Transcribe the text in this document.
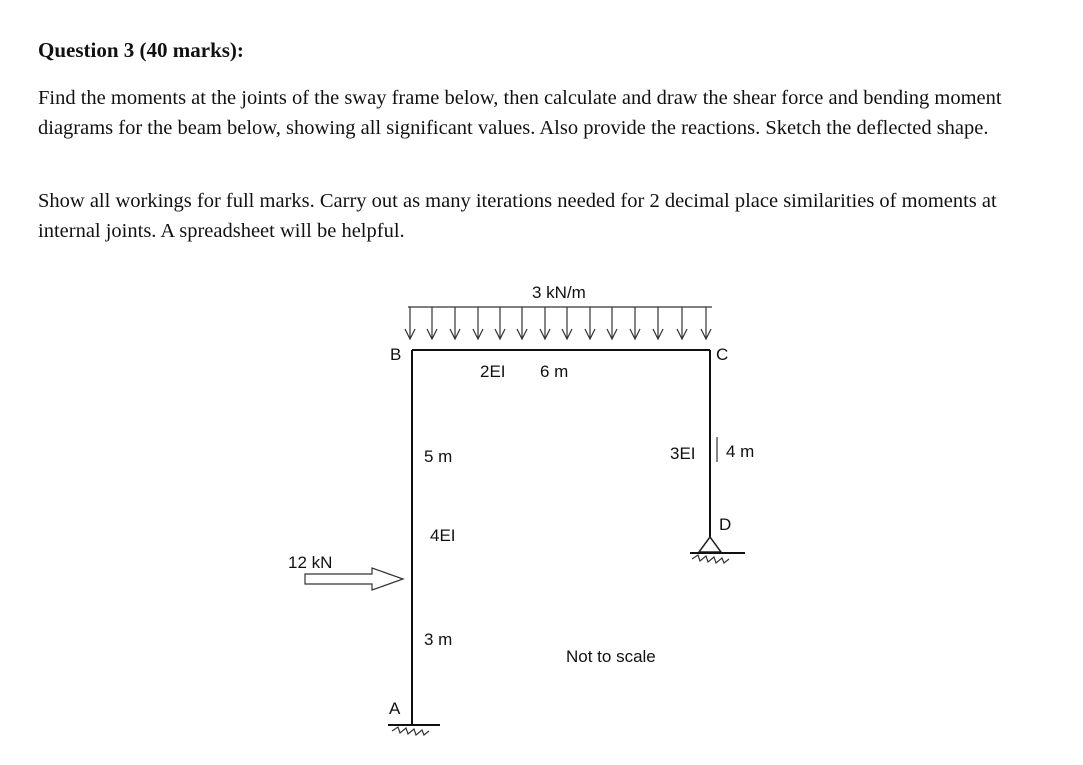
Question 3 (40 marks):

Find the moments at the joints of the sway frame below, then calculate and draw the shear force and bending moment diagrams for the beam below, showing all significant values. Also provide the reactions. Sketch the deflected shape.

Show all workings for full marks. Carry out as many iterations needed for 2 decimal place similarities of moments at internal joints. A spreadsheet will be helpful.

3 kN/m
B	C
2EI 6 m
5 m
4EI
3 m
3EI 4 m
A
D
12 kN
Not to scale
